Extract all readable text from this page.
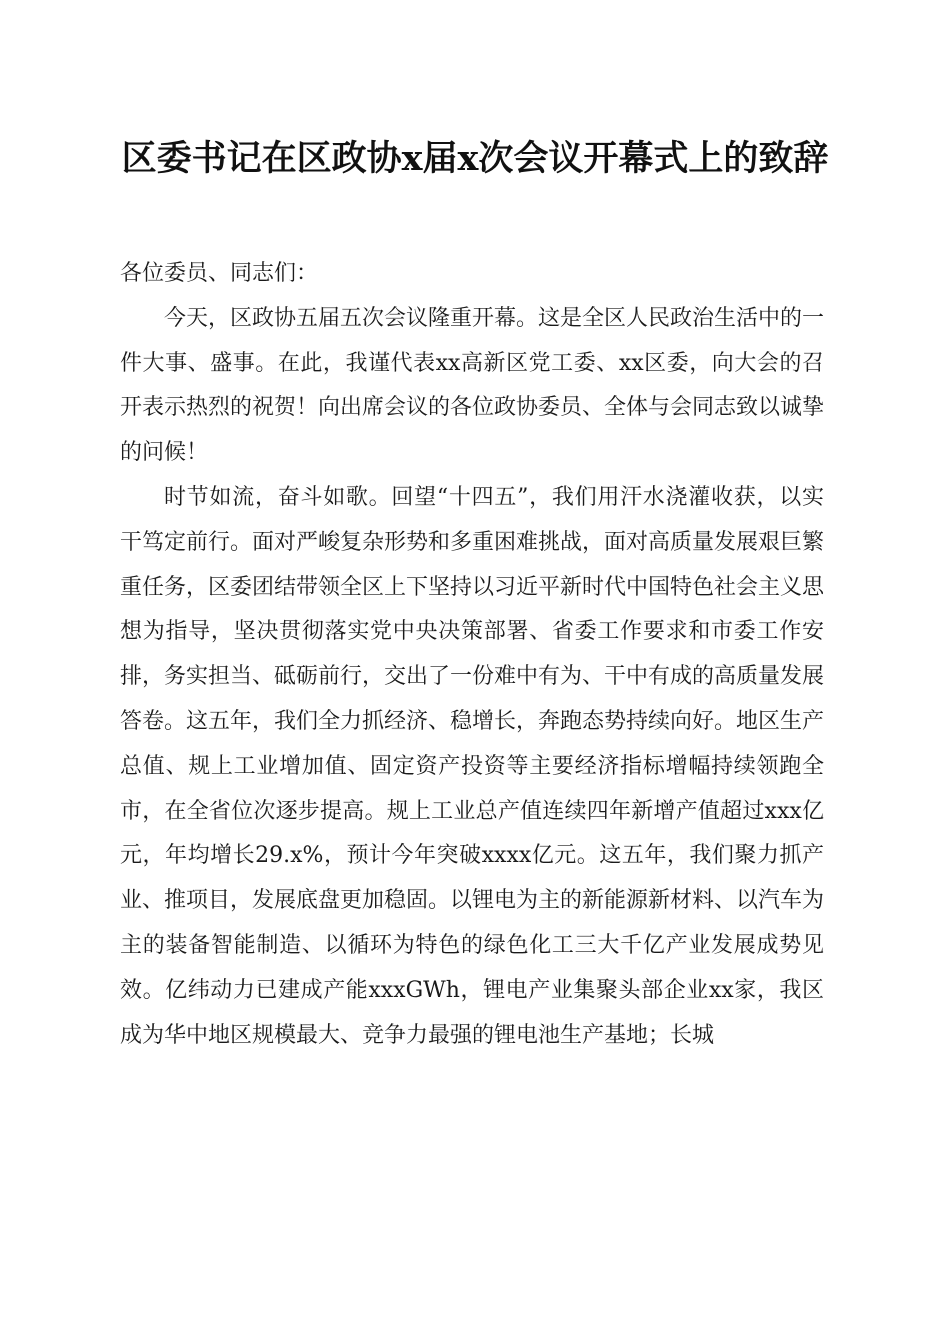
区委书记在区政协x届x次会议开幕式上的致辞

各位委员、同志们：

今天，区政协五届五次会议隆重开幕。这是全区人民政治生活中的一件大事、盛事。在此，我谨代表xx高新区党工委、xx区委，向大会的召开表示热烈的祝贺！向出席会议的各位政协委员、全体与会同志致以诚挚的问候！

时节如流，奋斗如歌。回望“十四五”，我们用汗水浇灌收获，以实干笃定前行。面对严峻复杂形势和多重困难挑战，面对高质量发展艰巨繁重任务，区委团结带领全区上下坚持以习近平新时代中国特色社会主义思想为指导，坚决贯彻落实党中央决策部署、省委工作要求和市委工作安排，务实担当、砥砺前行，交出了一份难中有为、干中有成的高质量发展答卷。这五年，我们全力抓经济、稳增长，奔跑态势持续向好。地区生产总值、规上工业增加值、固定资产投资等主要经济指标增幅持续领跑全市，在全省位次逐步提高。规上工业总产值连续四年新增产值超过xxx亿元，年均增长29.x%，预计今年突破xxxx亿元。这五年，我们聚力抓产业、推项目，发展底盘更加稳固。以锂电为主的新能源新材料、以汽车为主的装备智能制造、以循环为特色的绿色化工三大千亿产业发展成势见效。亿纬动力已建成产能xxxGWh，锂电产业集聚头部企业xx家，我区成为华中地区规模最大、竞争力最强的锂电池生产基地；长城
